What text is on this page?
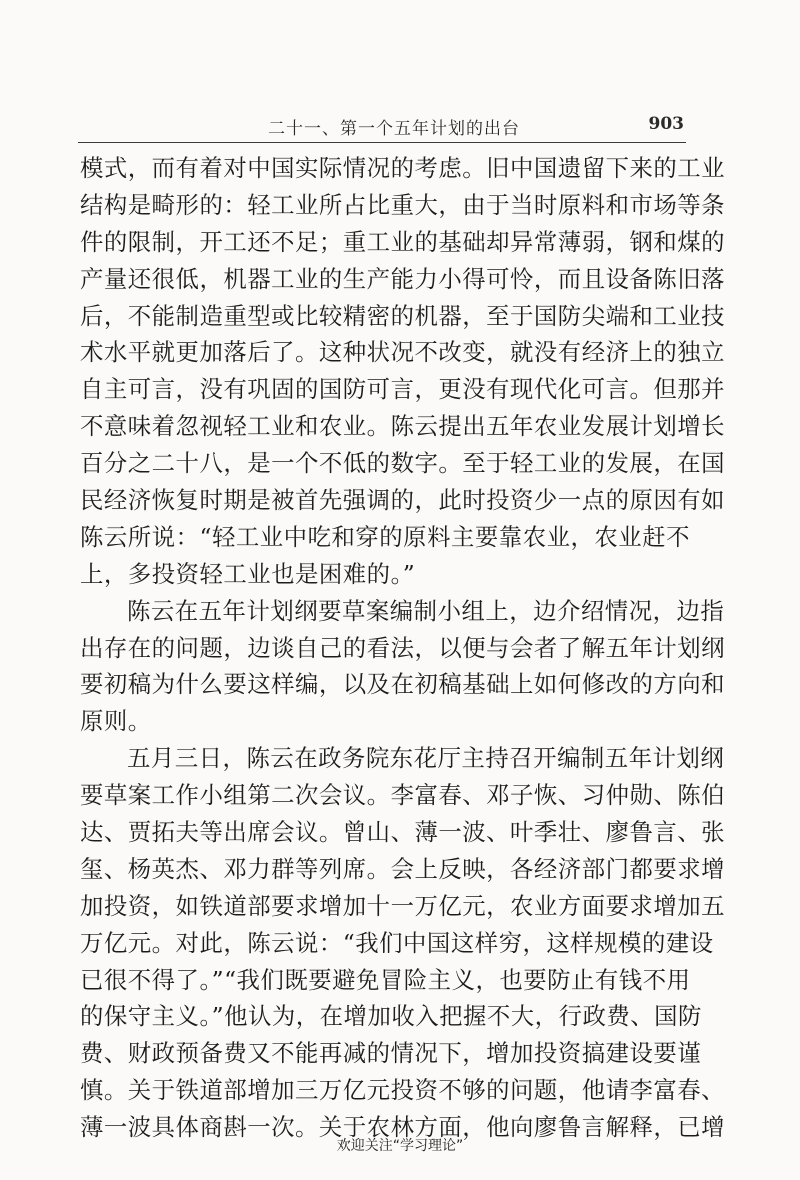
二十一、第一个五年计划的出台	903
模式，而有着对中国实际情况的考虑。旧中国遗留下来的工业
结构是畸形的：轻工业所占比重大，由于当时原料和市场等条
件的限制，开工还不足；重工业的基础却异常薄弱，钢和煤的
产量还很低，机器工业的生产能力小得可怜，而且设备陈旧落
后，不能制造重型或比较精密的机器，至于国防尖端和工业技
术水平就更加落后了。这种状况不改变，就没有经济上的独立
自主可言，没有巩固的国防可言，更没有现代化可言。但那并
不意味着忽视轻工业和农业。陈云提出五年农业发展计划增长
百分之二十八，是一个不低的数字。至于轻工业的发展，在国
民经济恢复时期是被首先强调的，此时投资少一点的原因有如
陈云所说：“轻工业中吃和穿的原料主要靠农业，农业赶不
上，多投资轻工业也是困难的。”
陈云在五年计划纲要草案编制小组上，边介绍情况，边指
出存在的问题，边谈自己的看法，以便与会者了解五年计划纲
要初稿为什么要这样编，以及在初稿基础上如何修改的方向和
原则。
五月三日，陈云在政务院东花厅主持召开编制五年计划纲
要草案工作小组第二次会议。李富春、邓子恢、习仲勋、陈伯
达、贾拓夫等出席会议。曾山、薄一波、叶季壮、廖鲁言、张
玺、杨英杰、邓力群等列席。会上反映，各经济部门都要求增
加投资，如铁道部要求增加十一万亿元，农业方面要求增加五
万亿元。对此，陈云说：“我们中国这样穷，这样规模的建设
已很不得了。”“我们既要避免冒险主义，也要防止有钱不用
的保守主义。”他认为，在增加收入把握不大，行政费、国防
费、财政预备费又不能再减的情况下，增加投资搞建设要谨
慎。关于铁道部增加三万亿元投资不够的问题，他请李富春、
薄一波具体商斟一次。关于农林方面，他向廖鲁言解释，已增
欢迎关注“学习理论”
